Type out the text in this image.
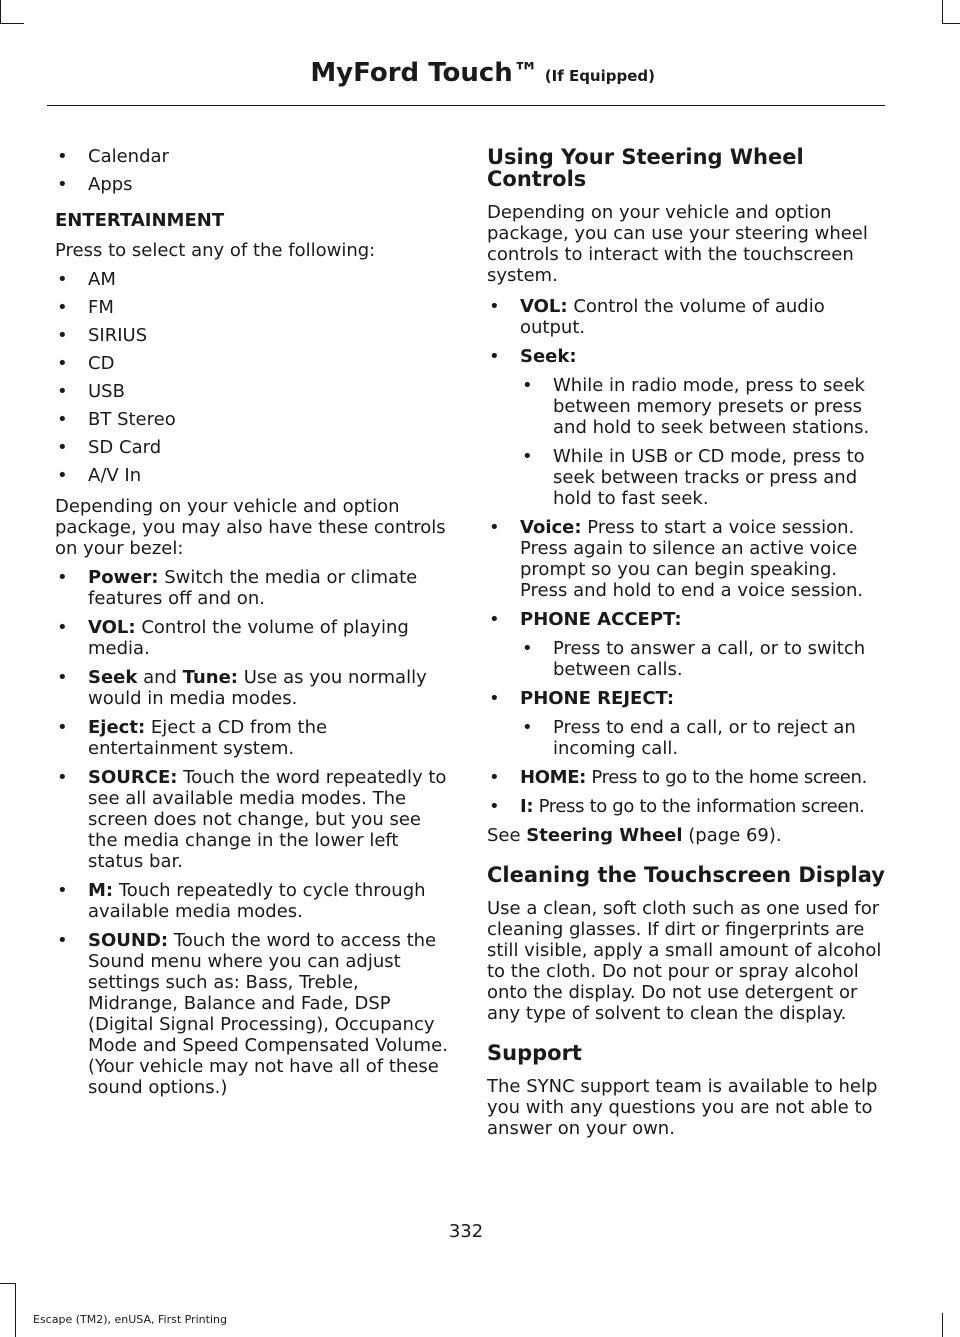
MyFord Touch™ (If Equipped)
• Calendar
• Apps

ENTERTAINMENT

Press to select any of the following:

• AM
• FM
• SIRIUS
• CD
• USB
• BT Stereo
• SD Card
• A/V In

Depending on your vehicle and option package, you may also have these controls on your bezel:

• Power: Switch the media or climate features off and on.
• VOL: Control the volume of playing media.
• Seek and Tune: Use as you normally would in media modes.
• Eject: Eject a CD from the entertainment system.
• SOURCE: Touch the word repeatedly to see all available media modes. The screen does not change, but you see the media change in the lower left status bar.
• M: Touch repeatedly to cycle through available media modes.
• SOUND: Touch the word to access the Sound menu where you can adjust settings such as: Bass, Treble, Midrange, Balance and Fade, DSP (Digital Signal Processing), Occupancy Mode and Speed Compensated Volume. (Your vehicle may not have all of these sound options.)
Using Your Steering Wheel Controls

Depending on your vehicle and option package, you can use your steering wheel controls to interact with the touchscreen system.

• VOL: Control the volume of audio output.
• Seek:
• While in radio mode, press to seek between memory presets or press and hold to seek between stations.
• While in USB or CD mode, press to seek between tracks or press and hold to fast seek.
• Voice: Press to start a voice session. Press again to silence an active voice prompt so you can begin speaking. Press and hold to end a voice session.
• PHONE ACCEPT:
• Press to answer a call, or to switch between calls.
• PHONE REJECT:
• Press to end a call, or to reject an incoming call.
• HOME: Press to go to the home screen.
• I: Press to go to the information screen.

See Steering Wheel (page 69).

Cleaning the Touchscreen Display

Use a clean, soft cloth such as one used for cleaning glasses. If dirt or fingerprints are still visible, apply a small amount of alcohol to the cloth. Do not pour or spray alcohol onto the display. Do not use detergent or any type of solvent to clean the display.

Support

The SYNC support team is available to help you with any questions you are not able to answer on your own.

332
Escape (TM2), enUSA, First Printing
